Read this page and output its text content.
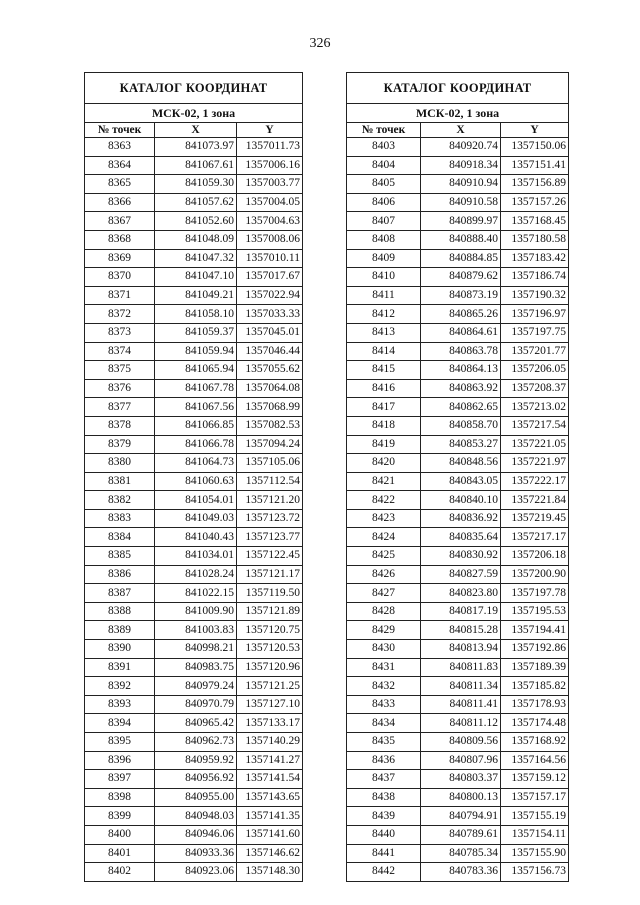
326
КАТАЛОГ КООРДИНАТ		
МСК-02, 1 зона		
№ точек	X	Y
8363	841073.97	1357011.73
8364	841067.61	1357006.16
8365	841059.30	1357003.77
8366	841057.62	1357004.05
8367	841052.60	1357004.63
8368	841048.09	1357008.06
8369	841047.32	1357010.11
8370	841047.10	1357017.67
8371	841049.21	1357022.94
8372	841058.10	1357033.33
8373	841059.37	1357045.01
8374	841059.94	1357046.44
8375	841065.94	1357055.62
8376	841067.78	1357064.08
8377	841067.56	1357068.99
8378	841066.85	1357082.53
8379	841066.78	1357094.24
8380	841064.73	1357105.06
8381	841060.63	1357112.54
8382	841054.01	1357121.20
8383	841049.03	1357123.72
8384	841040.43	1357123.77
8385	841034.01	1357122.45
8386	841028.24	1357121.17
8387	841022.15	1357119.50
8388	841009.90	1357121.89
8389	841003.83	1357120.75
8390	840998.21	1357120.53
8391	840983.75	1357120.96
8392	840979.24	1357121.25
8393	840970.79	1357127.10
8394	840965.42	1357133.17
8395	840962.73	1357140.29
8396	840959.92	1357141.27
8397	840956.92	1357141.54
8398	840955.00	1357143.65
8399	840948.03	1357141.35
8400	840946.06	1357141.60
8401	840933.36	1357146.62
8402	840923.06	1357148.30
КАТАЛОГ КООРДИНАТ		
МСК-02, 1 зона		
№ точек	X	Y
8403	840920.74	1357150.06
8404	840918.34	1357151.41
8405	840910.94	1357156.89
8406	840910.58	1357157.26
8407	840899.97	1357168.45
8408	840888.40	1357180.58
8409	840884.85	1357183.42
8410	840879.62	1357186.74
8411	840873.19	1357190.32
8412	840865.26	1357196.97
8413	840864.61	1357197.75
8414	840863.78	1357201.77
8415	840864.13	1357206.05
8416	840863.92	1357208.37
8417	840862.65	1357213.02
8418	840858.70	1357217.54
8419	840853.27	1357221.05
8420	840848.56	1357221.97
8421	840843.05	1357222.17
8422	840840.10	1357221.84
8423	840836.92	1357219.45
8424	840835.64	1357217.17
8425	840830.92	1357206.18
8426	840827.59	1357200.90
8427	840823.80	1357197.78
8428	840817.19	1357195.53
8429	840815.28	1357194.41
8430	840813.94	1357192.86
8431	840811.83	1357189.39
8432	840811.34	1357185.82
8433	840811.41	1357178.93
8434	840811.12	1357174.48
8435	840809.56	1357168.92
8436	840807.96	1357164.56
8437	840803.37	1357159.12
8438	840800.13	1357157.17
8439	840794.91	1357155.19
8440	840789.61	1357154.11
8441	840785.34	1357155.90
8442	840783.36	1357156.73
